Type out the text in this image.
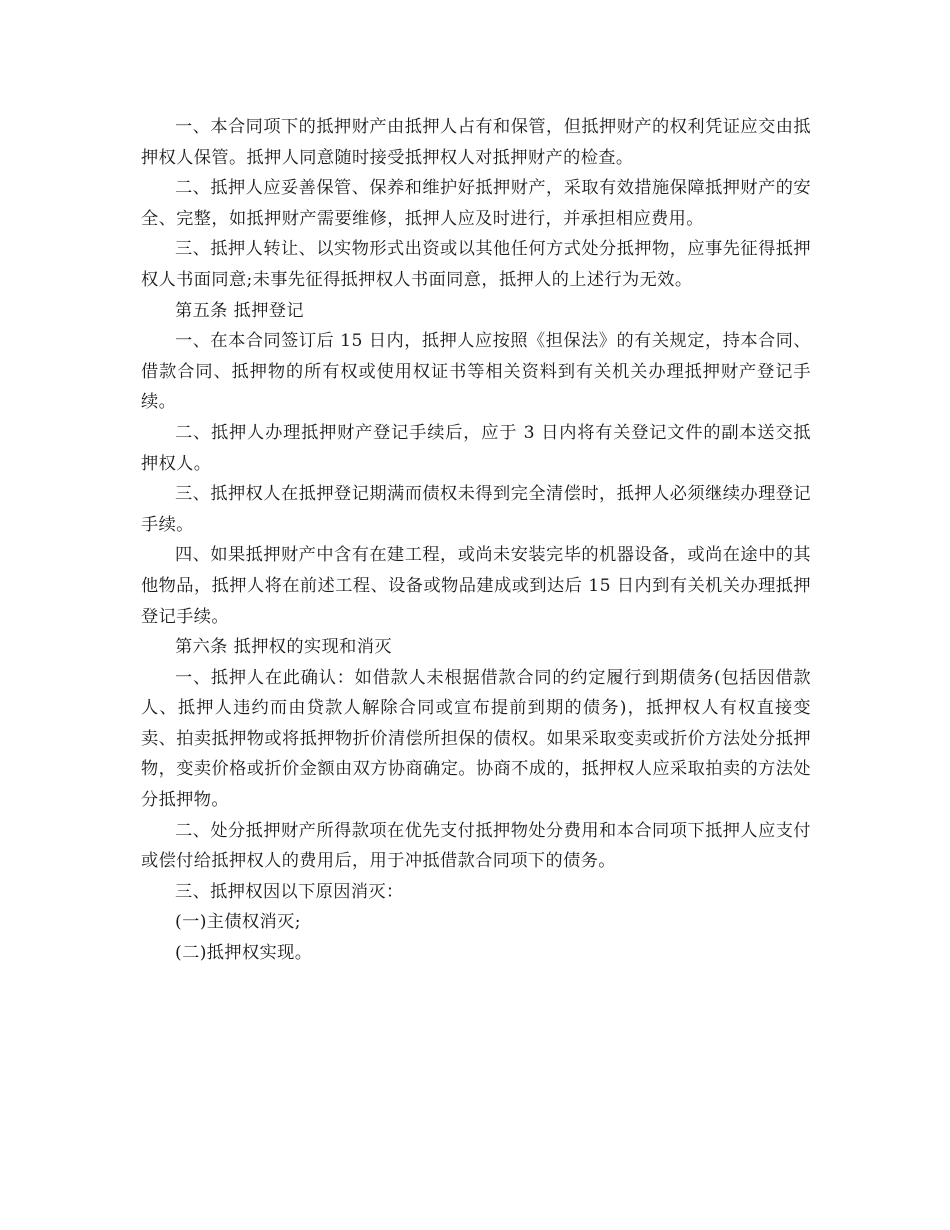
一、本合同项下的抵押财产由抵押人占有和保管，但抵押财产的权利凭证应交由抵押权人保管。抵押人同意随时接受抵押权人对抵押财产的检查。

二、抵押人应妥善保管、保养和维护好抵押财产，采取有效措施保障抵押财产的安全、完整，如抵押财产需要维修，抵押人应及时进行，并承担相应费用。

三、抵押人转让、以实物形式出资或以其他任何方式处分抵押物，应事先征得抵押权人书面同意;未事先征得抵押权人书面同意，抵押人的上述行为无效。

第五条 抵押登记

一、在本合同签订后 15 日内，抵押人应按照《担保法》的有关规定，持本合同、借款合同、抵押物的所有权或使用权证书等相关资料到有关机关办理抵押财产登记手续。

二、抵押人办理抵押财产登记手续后，应于 3 日内将有关登记文件的副本送交抵押权人。

三、抵押权人在抵押登记期满而债权未得到完全清偿时，抵押人必须继续办理登记手续。

四、如果抵押财产中含有在建工程，或尚未安装完毕的机器设备，或尚在途中的其他物品，抵押人将在前述工程、设备或物品建成或到达后 15 日内到有关机关办理抵押登记手续。

第六条 抵押权的实现和消灭

一、抵押人在此确认：如借款人未根据借款合同的约定履行到期债务(包括因借款人、抵押人违约而由贷款人解除合同或宣布提前到期的债务)，抵押权人有权直接变卖、拍卖抵押物或将抵押物折价清偿所担保的债权。如果采取变卖或折价方法处分抵押物，变卖价格或折价金额由双方协商确定。协商不成的，抵押权人应采取拍卖的方法处分抵押物。

二、处分抵押财产所得款项在优先支付抵押物处分费用和本合同项下抵押人应支付或偿付给抵押权人的费用后，用于冲抵借款合同项下的债务。

三、抵押权因以下原因消灭：

(一)主债权消灭;

(二)抵押权实现。
